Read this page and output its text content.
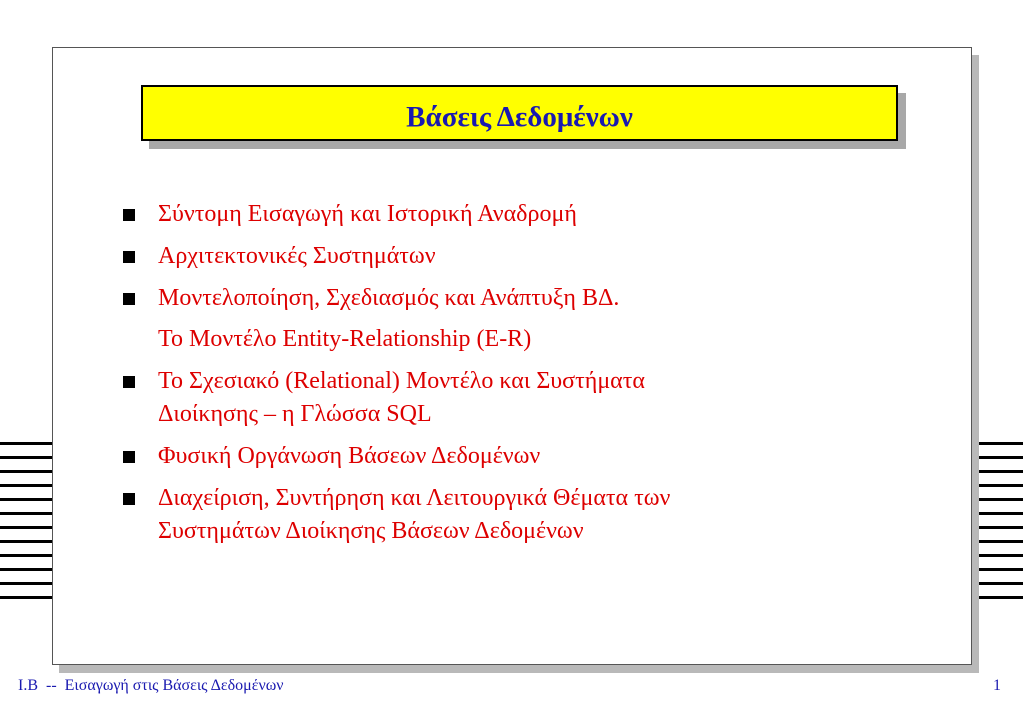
Βάσεις Δεδομένων
Σύντομη Εισαγωγή και Ιστορική Αναδρομή
Αρχιτεκτονικές Συστημάτων
Μοντελοποίηση, Σχεδιασμός και Ανάπτυξη ΒΔ.
Το Μοντέλο Entity-Relationship (E-R)
Το Σχεσιακό (Relational) Μοντέλο και Συστήματα
Διοίκησης – η Γλώσσα SQL
Φυσική Οργάνωση Βάσεων Δεδομένων
Διαχείριση, Συντήρηση και Λειτουργικά Θέματα των
Συστημάτων Διοίκησης Βάσεων Δεδομένων
I.B  --  Εισαγωγή στις Βάσεις Δεδομένων	1
